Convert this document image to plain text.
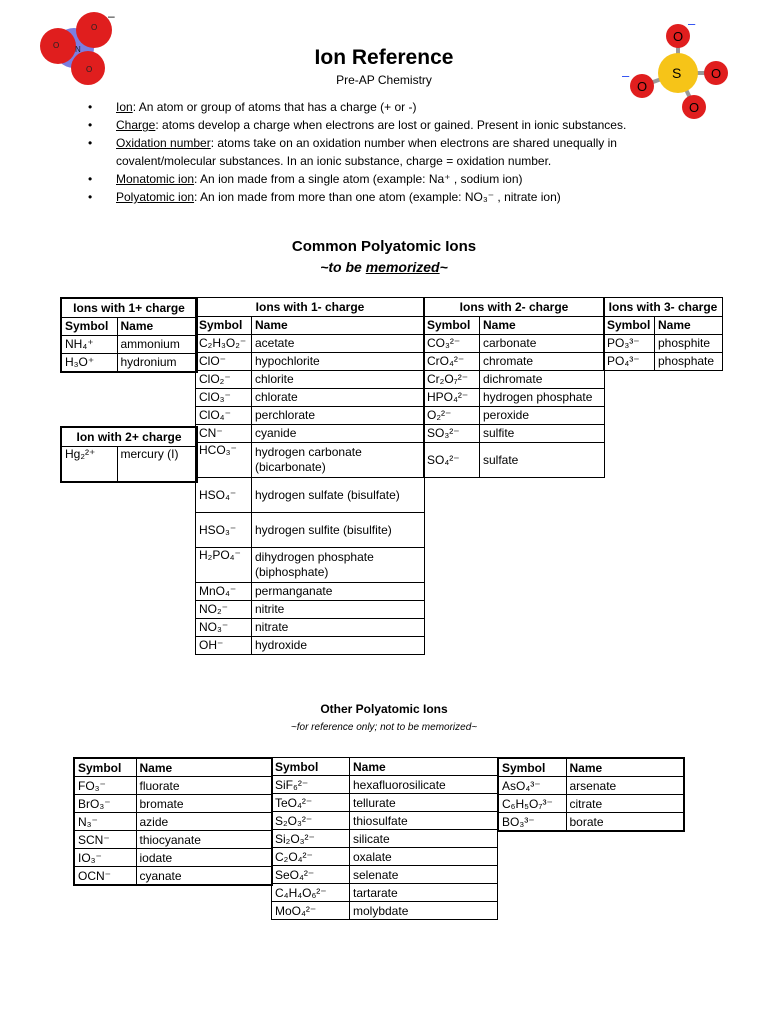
N
O
O
O
–
S
O
O
O
O
–
–
Ion Reference
Pre-AP Chemistry
• Ion: An atom or group of atoms that has a charge (+ or -)
• Charge: atoms develop a charge when electrons are lost or gained. Present in ionic substances.
• Oxidation number: atoms take on an oxidation number when electrons are shared unequally in covalent/molecular substances. In an ionic substance, charge = oxidation number.
• Monatomic ion: An ion made from a single atom (example: Na⁺ , sodium ion)
• Polyatomic ion: An ion made from more than one atom (example: NO₃⁻ , nitrate ion)
Common Polyatomic Ions
~to be memorized~
Ions with 1+ charge	
Symbol	Name
NH₄⁺	ammonium
H₃O⁺	hydronium
Ion with 2+ charge
Hg₂²⁺	mercury (I)
Ions with 1- charge	
Symbol	Name
C₂H₃O₂⁻	acetate
ClO⁻	hypochlorite
ClO₂⁻	chlorite
ClO₃⁻	chlorate
ClO₄⁻	perchlorate
CN⁻	cyanide
HCO₃⁻	hydrogen carbonate (bicarbonate)
HSO₄⁻	hydrogen sulfate (bisulfate)
HSO₃⁻	hydrogen sulfite (bisulfite)
H₂PO₄⁻	dihydrogen phosphate (biphosphate)
MnO₄⁻	permanganate
NO₂⁻	nitrite
NO₃⁻	nitrate
OH⁻	hydroxide
Ions with 2- charge	
Symbol	Name
CO₃²⁻	carbonate
CrO₄²⁻	chromate
Cr₂O₇²⁻	dichromate
HPO₄²⁻	hydrogen phosphate
O₂²⁻	peroxide
SO₃²⁻	sulfite
SO₄²⁻	sulfate
Ions with 3- charge	
Symbol	Name
PO₃³⁻	phosphite
PO₄³⁻	phosphate
Other Polyatomic Ions
~for reference only; not to be memorized~
Symbol	Name
FO₃⁻	fluorate
BrO₃⁻	bromate
N₃⁻	azide
SCN⁻	thiocyanate
IO₃⁻	iodate
OCN⁻	cyanate
Symbol	Name
SiF₆²⁻	hexafluorosilicate
TeO₄²⁻	tellurate
S₂O₃²⁻	thiosulfate
Si₂O₃²⁻	silicate
C₂O₄²⁻	oxalate
SeO₄²⁻	selenate
C₄H₄O₆²⁻	tartarate
MoO₄²⁻	molybdate
Symbol	Name
AsO₄³⁻	arsenate
C₆H₅O₇³⁻	citrate
BO₃³⁻	borate
